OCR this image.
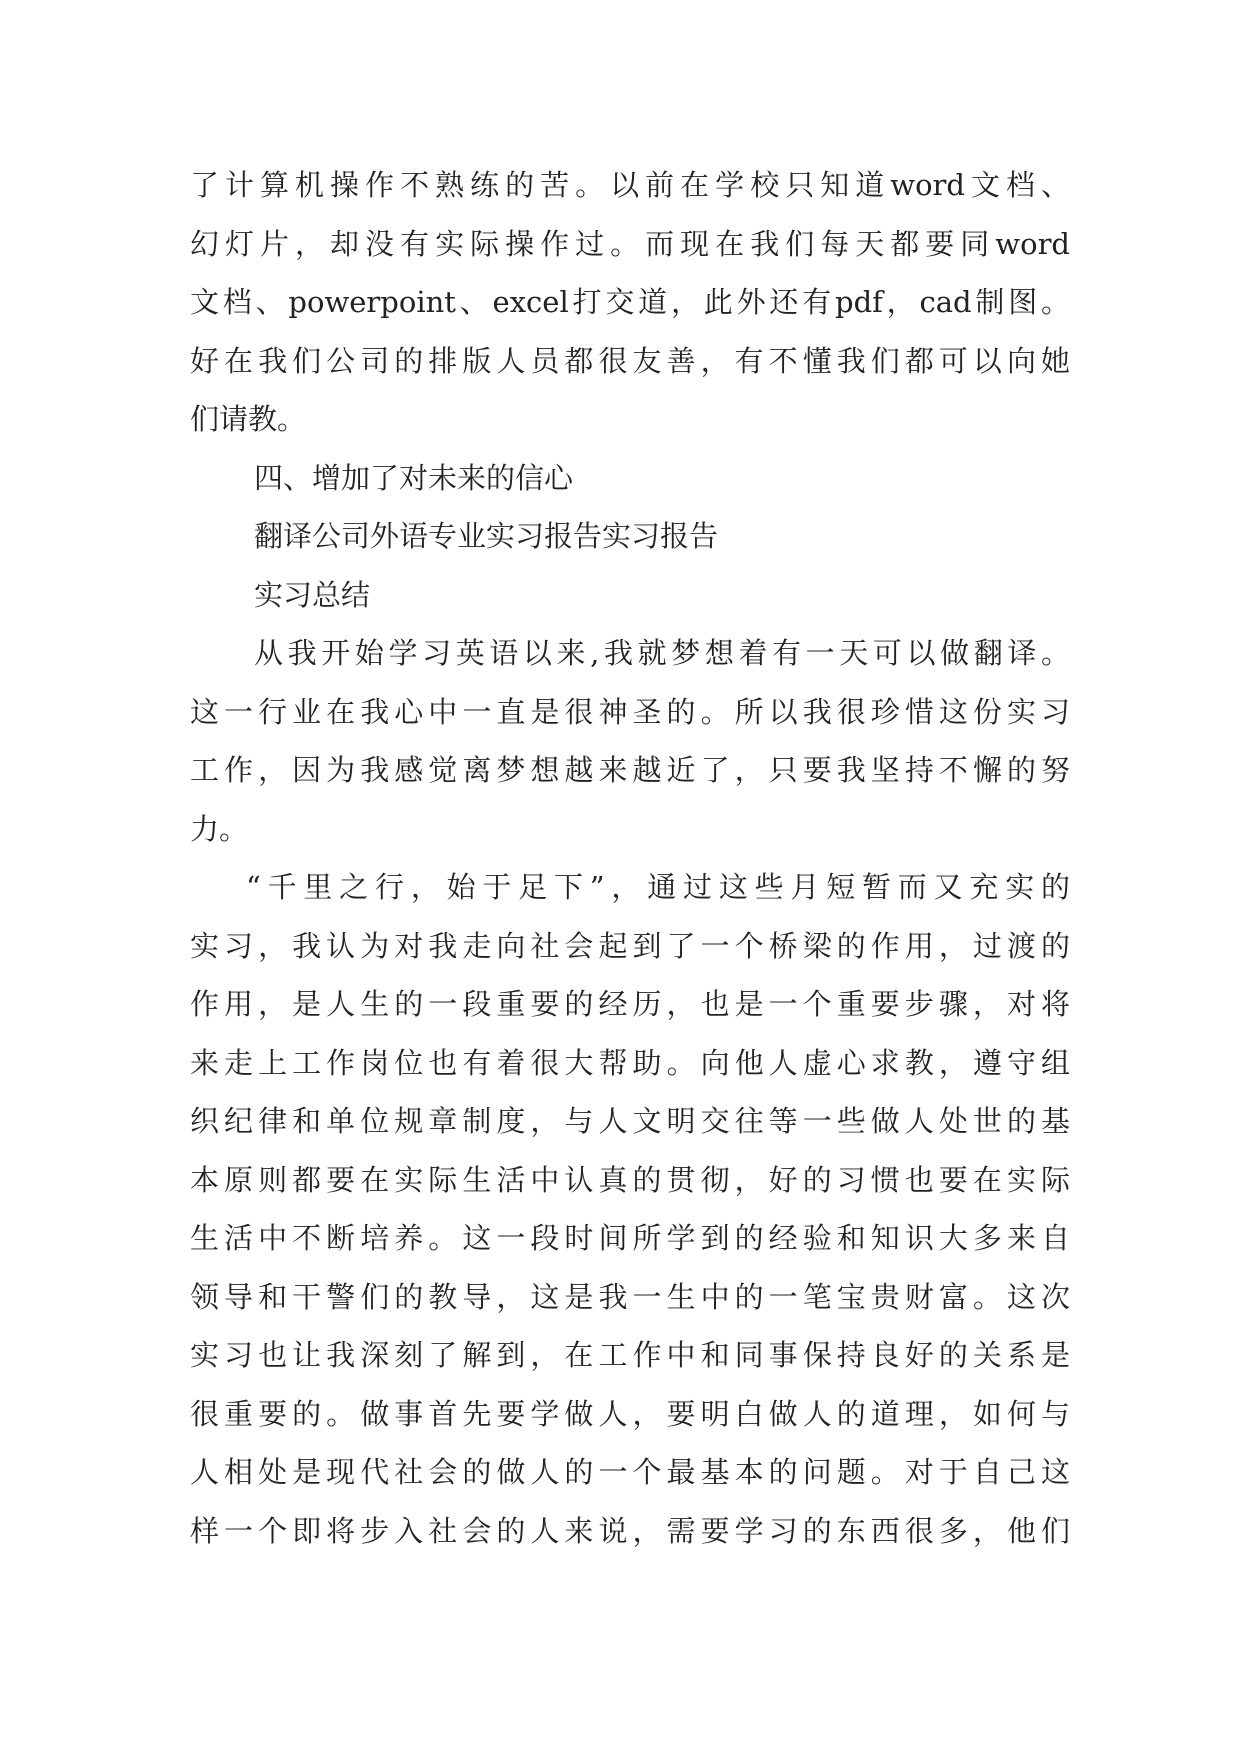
了计算机操作不熟练的苦。以前在学校只知道word文档、
幻灯片，却没有实际操作过。而现在我们每天都要同word
文档、powerpoint、excel打交道，此外还有pdf，cad制图。
好在我们公司的排版人员都很友善，有不懂我们都可以向她
们请教。
四、增加了对未来的信心
翻译公司外语专业实习报告实习报告
实习总结
从我开始学习英语以来,我就梦想着有一天可以做翻译。
这一行业在我心中一直是很神圣的。所以我很珍惜这份实习
工作，因为我感觉离梦想越来越近了，只要我坚持不懈的努
力。
“千里之行，始于足下”，通过这些月短暂而又充实的
实习，我认为对我走向社会起到了一个桥梁的作用，过渡的
作用，是人生的一段重要的经历，也是一个重要步骤，对将
来走上工作岗位也有着很大帮助。向他人虚心求教，遵守组
织纪律和单位规章制度，与人文明交往等一些做人处世的基
本原则都要在实际生活中认真的贯彻，好的习惯也要在实际
生活中不断培养。这一段时间所学到的经验和知识大多来自
领导和干警们的教导，这是我一生中的一笔宝贵财富。这次
实习也让我深刻了解到，在工作中和同事保持良好的关系是
很重要的。做事首先要学做人，要明白做人的道理，如何与
人相处是现代社会的做人的一个最基本的问题。对于自己这
样一个即将步入社会的人来说，需要学习的东西很多，他们
